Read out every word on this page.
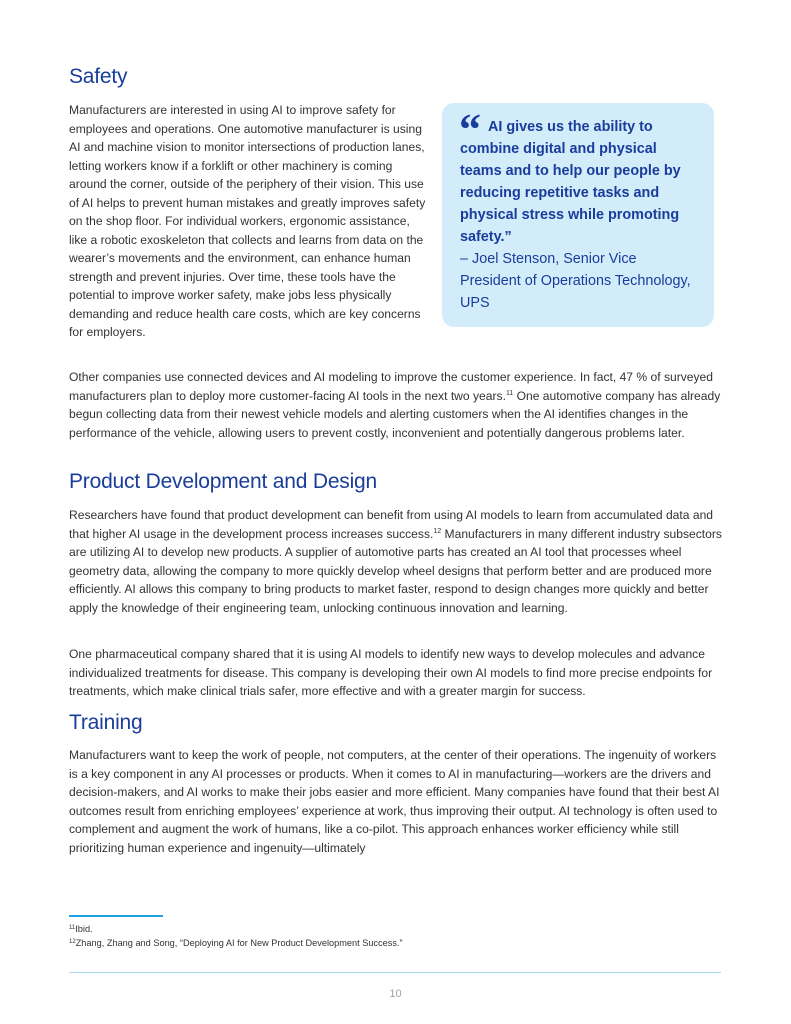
Safety

Manufacturers are interested in using AI to improve safety for employees and operations. One automotive manufacturer is using AI and machine vision to monitor intersections of production lanes, letting workers know if a forklift or other machinery is coming around the corner, outside of the periphery of their vision. This use of AI helps to prevent human mistakes and greatly improves safety on the shop floor. For individual workers, ergonomic assistance, like a robotic exoskeleton that collects and learns from data on the wearer’s movements and the environment, can enhance human strength and prevent injuries. Over time, these tools have the potential to improve worker safety, make jobs less physically demanding and reduce health care costs, which are key concerns for employers.

“ AI gives us the ability to combine digital and physical teams and to help our people by reducing repetitive tasks and physical stress while promoting safety.”

– Joel Stenson, Senior Vice President of Operations Technology, UPS

Other companies use connected devices and AI modeling to improve the customer experience. In fact, 47 % of surveyed manufacturers plan to deploy more customer-facing AI tools in the next two years.$^{11}$ One automotive company has already begun collecting data from their newest vehicle models and alerting customers when the AI identifies changes in the performance of the vehicle, allowing users to prevent costly, inconvenient and potentially dangerous problems later.

Product Development and Design

Researchers have found that product development can benefit from using AI models to learn from accumulated data and that higher AI usage in the development process increases success.$^{12}$ Manufacturers in many different industry subsectors are utilizing AI to develop new products. A supplier of automotive parts has created an AI tool that processes wheel geometry data, allowing the company to more quickly develop wheel designs that perform better and are produced more efficiently. AI allows this company to bring products to market faster, respond to design changes more quickly and better apply the knowledge of their engineering team, unlocking continuous innovation and learning.

One pharmaceutical company shared that it is using AI models to identify new ways to develop molecules and advance individualized treatments for disease. This company is developing their own AI models to find more precise endpoints for treatments, which make clinical trials safer, more effective and with a greater margin for success.

Training

Manufacturers want to keep the work of people, not computers, at the center of their operations. The ingenuity of workers is a key component in any AI processes or products. When it comes to AI in manufacturing—workers are the drivers and decision-makers, and AI works to make their jobs easier and more efficient. Many companies have found that their best AI outcomes result from enriching employees’ experience at work, thus improving their output. AI technology is often used to complement and augment the work of humans, like a co-pilot. This approach enhances worker efficiency while still prioritizing human experience and ingenuity—ultimately

$^{11}$Ibid.

$^{12}$Zhang, Zhang and Song, “Deploying AI for New Product Development Success.”

10
